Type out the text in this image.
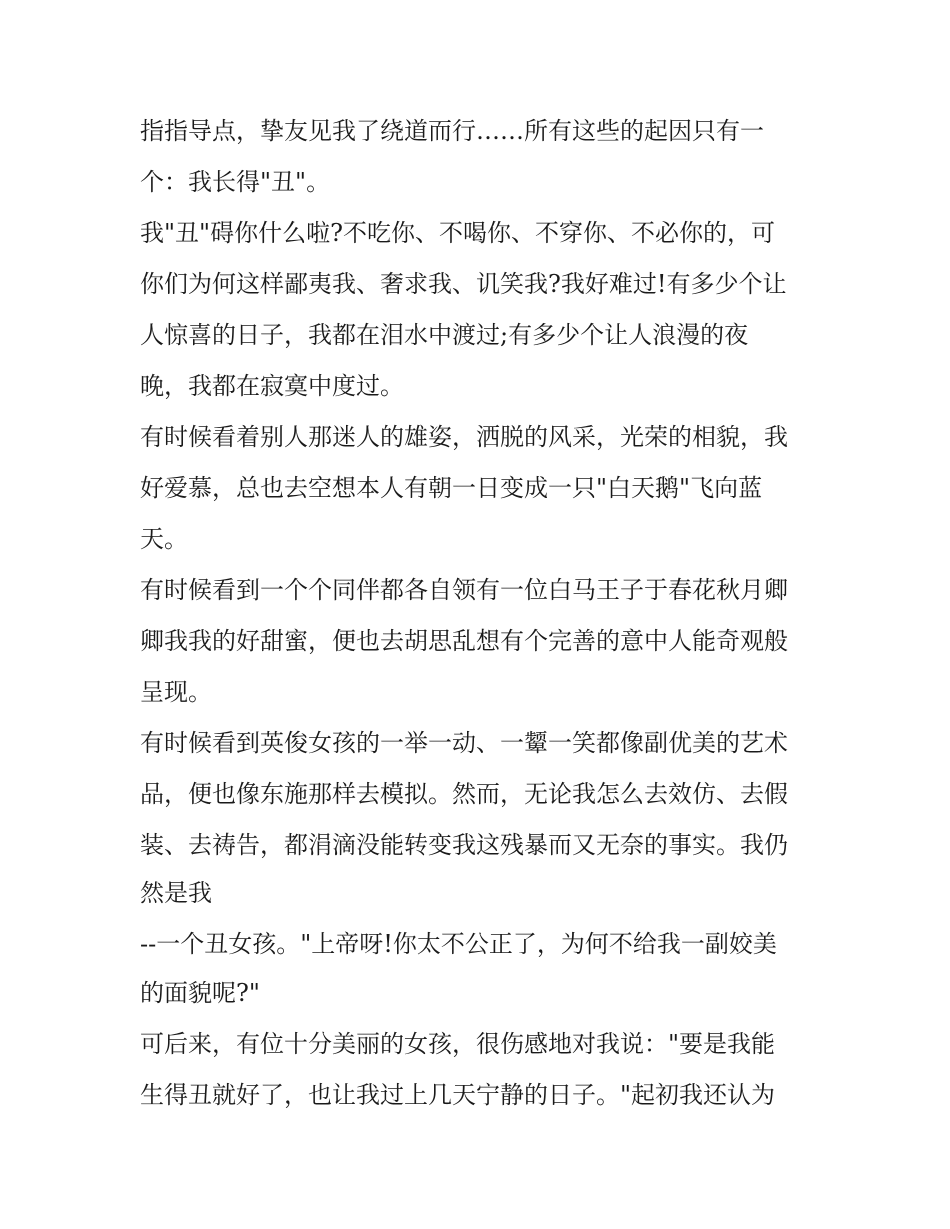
指指导点，挚友见我了绕道而行……所有这些的起因只有一

个：我长得"丑"。

我"丑"碍你什么啦?不吃你、不喝你、不穿你、不必你的，可

你们为何这样鄙夷我、奢求我、讥笑我?我好难过!有多少个让

人惊喜的日子，我都在泪水中渡过;有多少个让人浪漫的夜

晚，我都在寂寞中度过。

有时候看着别人那迷人的雄姿，洒脱的风采，光荣的相貌，我

好爱慕，总也去空想本人有朝一日变成一只"白天鹅"飞向蓝

天。

有时候看到一个个同伴都各自领有一位白马王子于春花秋月卿

卿我我的好甜蜜，便也去胡思乱想有个完善的意中人能奇观般

呈现。

有时候看到英俊女孩的一举一动、一颦一笑都像副优美的艺术

品，便也像东施那样去模拟。然而，无论我怎么去效仿、去假

装、去祷告，都涓滴没能转变我这残暴而又无奈的事实。我仍

然是我

--一个丑女孩。"上帝呀!你太不公正了，为何不给我一副姣美

的面貌呢?"

可后来，有位十分美丽的女孩，很伤感地对我说："要是我能

生得丑就好了，也让我过上几天宁静的日子。"起初我还认为
